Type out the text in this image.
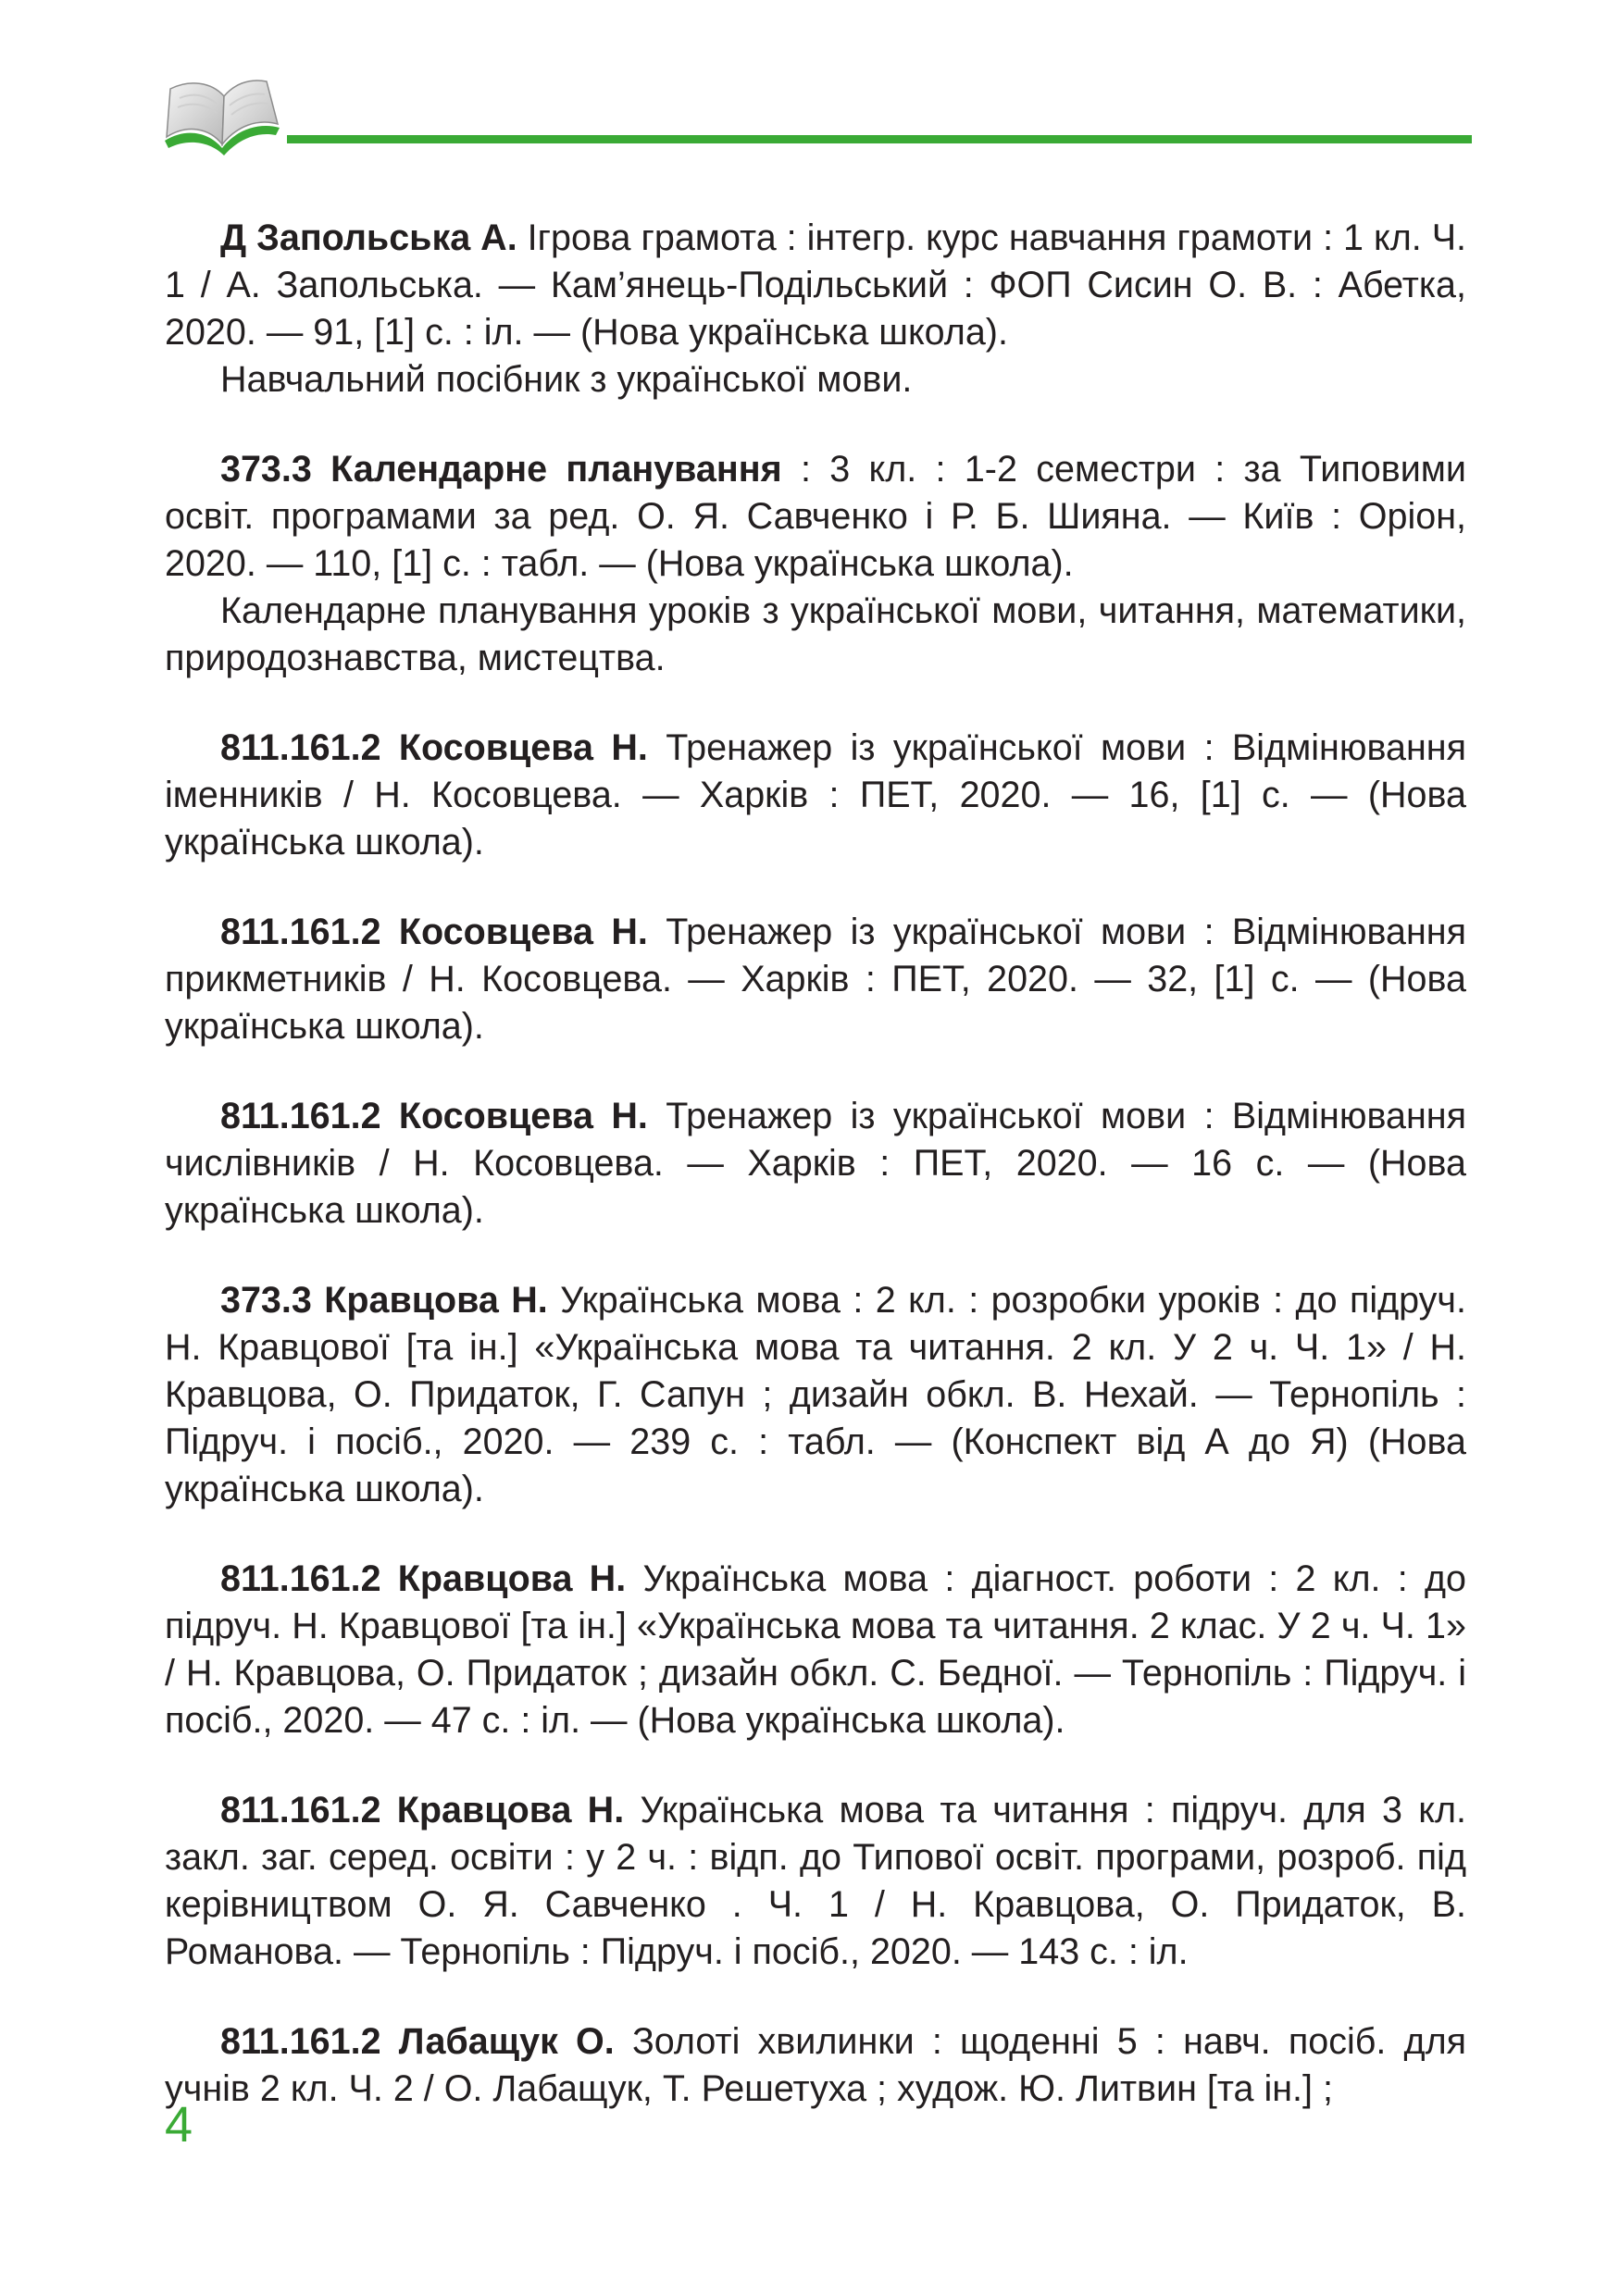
Д Запольська А. Ігрова грамота : інтегр. курс навчання грамоти : 1 кл. Ч. 1 / А. Запольська. — Кам’янець-Подільський : ФОП Сисин О. В. : Абетка, 2020. — 91, [1] с. : іл. — (Нова українська школа).

Навчальний посібник з української мови.

373.3 Календарне планування : 3 кл. : 1-2 семестри : за Типовими освіт. програмами за ред. О. Я. Савченко і Р. Б. Шияна. — Київ : Оріон, 2020. — 110, [1] с. : табл. — (Нова українська школа).

Календарне планування уроків з української мови, читання, математики, природознавства, мистецтва.

811.161.2 Косовцева Н. Тренажер із української мови : Відмінювання іменників / Н. Косовцева. — Харків : ПЕТ, 2020. — 16, [1] с. — (Нова українська школа).

811.161.2 Косовцева Н. Тренажер із української мови : Відмінювання прикметників / Н. Косовцева. — Харків : ПЕТ, 2020. — 32, [1] с. — (Нова українська школа).

811.161.2 Косовцева Н. Тренажер із української мови : Відмінювання числівників / Н. Косовцева. — Харків : ПЕТ, 2020. — 16 с. — (Нова українська школа).

373.3 Кравцова Н. Українська мова : 2 кл. : розробки уроків : до підруч. Н. Кравцової [та ін.] «Українська мова та читання. 2 кл. У 2 ч. Ч. 1» / Н. Кравцова, О. Придаток, Г. Сапун ; дизайн обкл. В. Нехай. — Тернопіль : Підруч. і посіб., 2020. — 239 с. : табл. — (Конспект від А до Я) (Нова українська школа).

811.161.2 Кравцова Н. Українська мова : діагност. роботи : 2 кл. : до підруч. Н. Кравцової [та ін.] «Українська мова та читання. 2 клас. У 2 ч. Ч. 1» / Н. Кравцова, О. Придаток ; дизайн обкл. С. Бедної. — Тернопіль : Підруч. і посіб., 2020. — 47 с. : іл. — (Нова українська школа).

811.161.2 Кравцова Н. Українська мова та читання : підруч. для 3 кл. закл. заг. серед. освіти : у 2 ч. : відп. до Типової освіт. програми, розроб. під керівництвом О. Я. Савченко . Ч. 1 / Н. Кравцова, О. Придаток, В. Романова. — Тернопіль : Підруч. і посіб., 2020. — 143 с. : іл.

811.161.2 Лабащук О. Золоті хвилинки : щоденні 5 : навч. посіб. для учнів 2 кл. Ч. 2 / О. Лабащук, Т. Решетуха ; худож. Ю. Литвин [та ін.] ;

4
